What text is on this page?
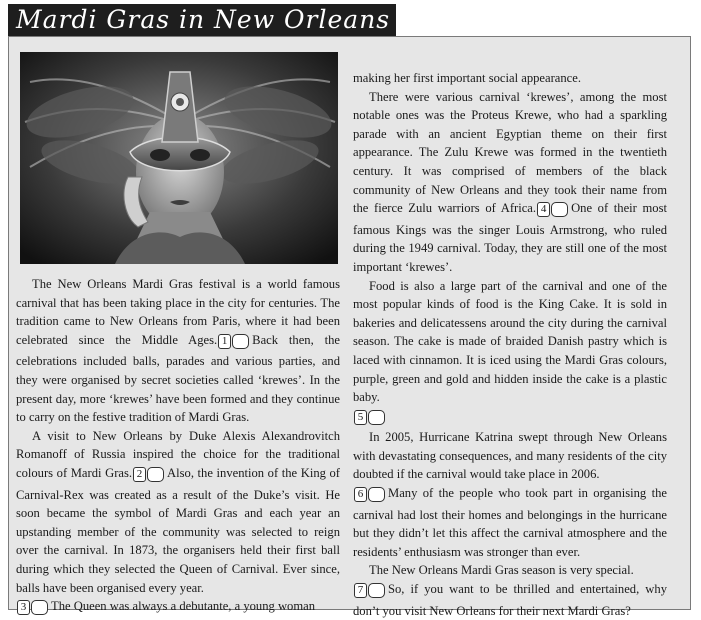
Mardi Gras in New Orleans

The New Orleans Mardi Gras festival is a world famous carnival that has been taking place in the city for centuries. The tradition came to New Orleans from Paris, where it had been celebrated since the Middle Ages. 1 Back then, the celebrations included balls, parades and various parties, and they were organised by secret societies called ‘krewes’. In the present day, more ‘krewes’ have been formed and they continue to carry on the festive tradition of Mardi Gras.

A visit to New Orleans by Duke Alexis Alexandrovitch Romanoff of Russia inspired the choice for the traditional colours of Mardi Gras. 2 Also, the invention of the King of Carnival-Rex was created as a result of the Duke’s visit. He soon became the symbol of Mardi Gras and each year an upstanding member of the community was selected to reign over the carnival. In 1873, the organisers held their first ball during which they selected the Queen of Carnival. Ever since, balls have been organised every year.

3 The Queen was always a debutante, a young woman

making her first important social appearance.

There were various carnival ‘krewes’, among the most notable ones was the Proteus Krewe, who had a sparkling parade with an ancient Egyptian theme on their first appearance. The Zulu Krewe was formed in the twentieth century. It was comprised of members of the black community of New Orleans and they took their name from the fierce Zulu warriors of Africa. 4 One of their most famous Kings was the singer Louis Armstrong, who ruled during the 1949 carnival. Today, they are still one of the most important ‘krewes’.

Food is also a large part of the carnival and one of the most popular kinds of food is the King Cake. It is sold in bakeries and delicatessens around the city during the carnival season. The cake is made of braided Danish pastry which is laced with cinnamon. It is iced using the Mardi Gras colours, purple, green and gold and hidden inside the cake is a plastic baby.

5

In 2005, Hurricane Katrina swept through New Orleans with devastating consequences, and many residents of the city doubted if the carnival would take place in 2006.

6 Many of the people who took part in organising the carnival had lost their homes and belongings in the hurricane but they didn’t let this affect the carnival atmosphere and the residents’ enthusiasm was stronger than ever.

The New Orleans Mardi Gras season is very special.

7 So, if you want to be thrilled and entertained, why don’t you visit New Orleans for their next Mardi Gras?
